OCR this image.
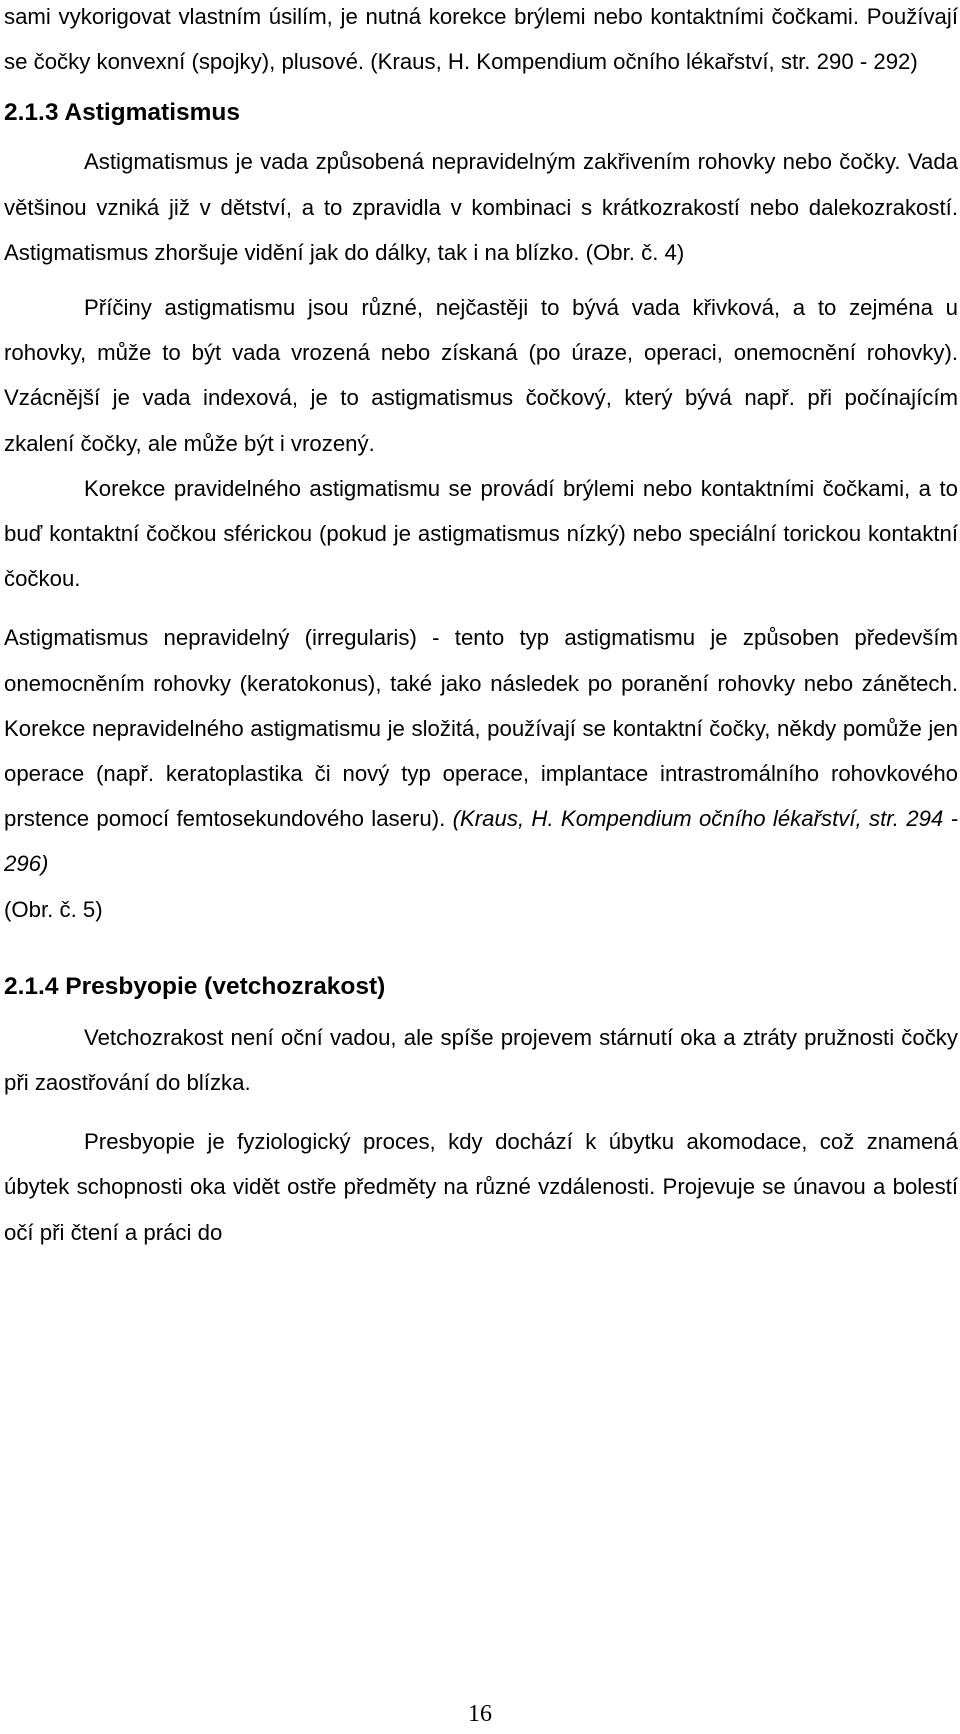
sami vykorigovat vlastním úsilím, je nutná korekce brýlemi nebo kontaktními čočkami. Používají se čočky konvexní (spojky), plusové. (Kraus, H. Kompendium očního lékařství, str. 290 - 292)

2.1.3 Astigmatismus

Astigmatismus je vada způsobená nepravidelným zakřivením rohovky nebo čočky. Vada většinou vzniká již v dětství, a to zpravidla v kombinaci s krátkozrakostí nebo dalekozrakostí. Astigmatismus zhoršuje vidění jak do dálky, tak i na blízko. (Obr. č. 4)

Příčiny astigmatismu jsou různé, nejčastěji to bývá vada křivková, a to zejména u rohovky, může to být vada vrozená nebo získaná (po úraze, operaci, onemocnění rohovky). Vzácnější je vada indexová, je to astigmatismus čočkový, který bývá např. při počínajícím zkalení čočky, ale může být i vrozený.

Korekce pravidelného astigmatismu se provádí brýlemi nebo kontaktními čočkami, a to buď kontaktní čočkou sférickou (pokud je astigmatismus nízký) nebo speciální torickou kontaktní čočkou.

Astigmatismus nepravidelný (irregularis) - tento typ astigmatismu je způsoben především onemocněním rohovky (keratokonus), také jako následek po poranění rohovky nebo zánětech. Korekce nepravidelného astigmatismu je složitá, používají se kontaktní čočky, někdy pomůže jen operace (např. keratoplastika či nový typ operace, implantace intrastromálního rohovkového prstence pomocí femtosekundového laseru). (Kraus, H. Kompendium očního lékařství, str. 294 - 296)

(Obr. č. 5)

2.1.4 Presbyopie (vetchozrakost)

Vetchozrakost není oční vadou, ale spíše projevem stárnutí oka a ztráty pružnosti čočky při zaostřování do blízka.

Presbyopie je fyziologický proces, kdy dochází k úbytku akomodace, což znamená úbytek schopnosti oka vidět ostře předměty na různé vzdálenosti. Projevuje se únavou a bolestí očí při čtení a práci do

16
